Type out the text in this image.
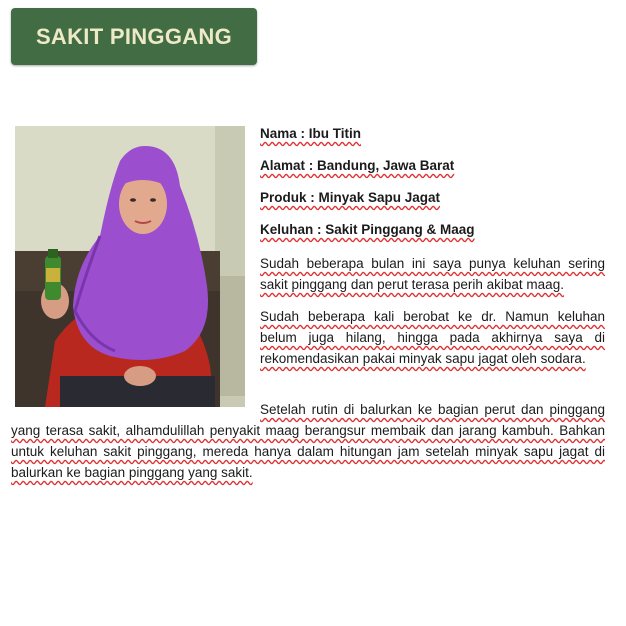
SAKIT PINGGANG
Nama : Ibu Titin
Alamat : Bandung, Jawa Barat
Produk : Minyak Sapu Jagat
Keluhan : Sakit Pinggang & Maag

Sudah beberapa bulan ini saya punya keluhan sering sakit pinggang dan perut terasa perih akibat maag.

Sudah beberapa kali berobat ke dr. Namun keluhan belum juga hilang, hingga pada akhirnya saya di rekomendasikan pakai minyak sapu jagat oleh sodara.

Setelah rutin di balurkan ke bagian perut dan pinggang yang terasa sakit, alhamdulillah penyakit maag berangsur membaik dan jarang kambuh. Bahkan untuk keluhan sakit pinggang, mereda hanya dalam hitungan jam setelah minyak sapu jagat di balurkan ke bagian pinggang yang sakit.
